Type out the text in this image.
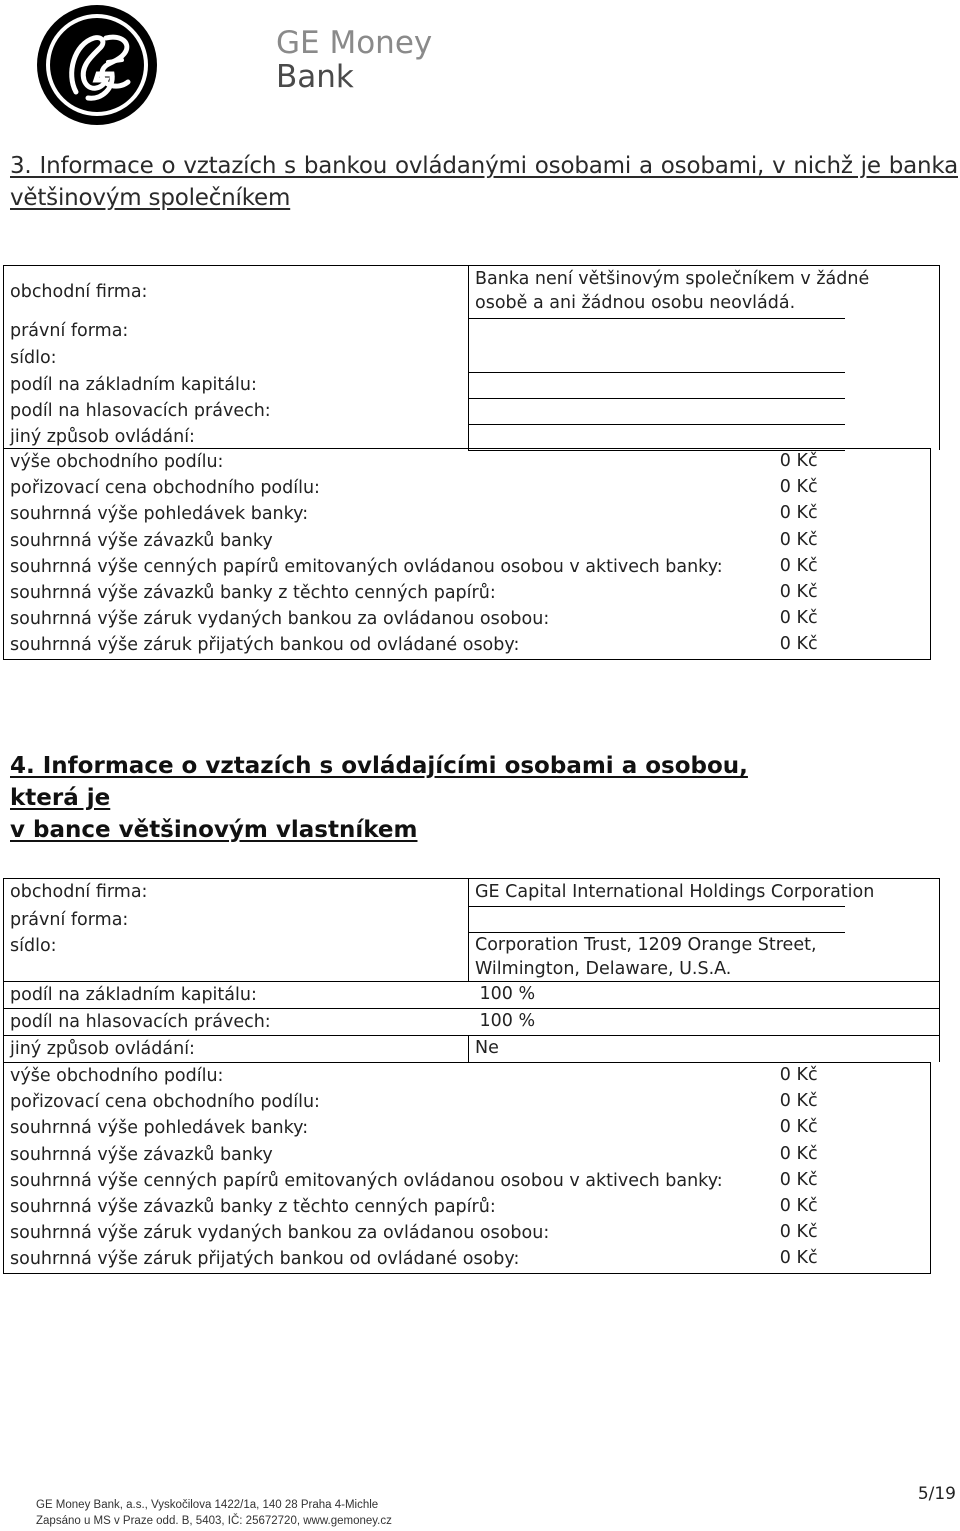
GE Money
Bank
3. Informace o vztazích s bankou ovládanými osobami a osobami, v nichž je banka většinovým společníkem
obchodní firma:	Banka není většinovým společníkem v žádné
osobě a ani žádnou osobu neovládá.	

právní forma:		
sídlo:		
podíl na základním kapitálu:		
podíl na hlasovacích právech:		
jiný způsob ovládání:		
výše obchodního podílu:	0 Kč
pořizovací cena obchodního podílu:	0 Kč
souhrnná výše pohledávek banky:	0 Kč
souhrnná výše závazků banky	0 Kč
souhrnná výše cenných papírů emitovaných ovládanou osobou v aktivech banky:	0 Kč
souhrnná výše závazků banky z těchto cenných papírů:	0 Kč
souhrnná výše záruk vydaných bankou za ovládanou osobou:	0 Kč
souhrnná výše záruk přijatých bankou od ovládané osoby:	0 Kč
4. Informace o vztazích s ovládajícími osobami a osobou, která je
v bance většinovým vlastníkem
obchodní firma:	GE Capital International Holdings Corporation	
právní forma:		
sídlo:	Corporation Trust, 1209 Orange Street,
Wilmington, Delaware, U.S.A.	

podíl na základním kapitálu:	100 %	
podíl na hlasovacích právech:	100 %	
jiný způsob ovládání:	Ne	
výše obchodního podílu:	0 Kč
pořizovací cena obchodního podílu:	0 Kč
souhrnná výše pohledávek banky:	0 Kč
souhrnná výše závazků banky	0 Kč
souhrnná výše cenných papírů emitovaných ovládanou osobou v aktivech banky:	0 Kč
souhrnná výše závazků banky z těchto cenných papírů:	0 Kč
souhrnná výše záruk vydaných bankou za ovládanou osobou:	0 Kč
souhrnná výše záruk přijatých bankou od ovládané osoby:	0 Kč
GE Money Bank, a.s., Vyskočilova 1422/1a, 140 28 Praha 4-Michle
Zapsáno u MS v Praze odd. B, 5403, IČ: 25672720, www.gemoney.cz
5/19
